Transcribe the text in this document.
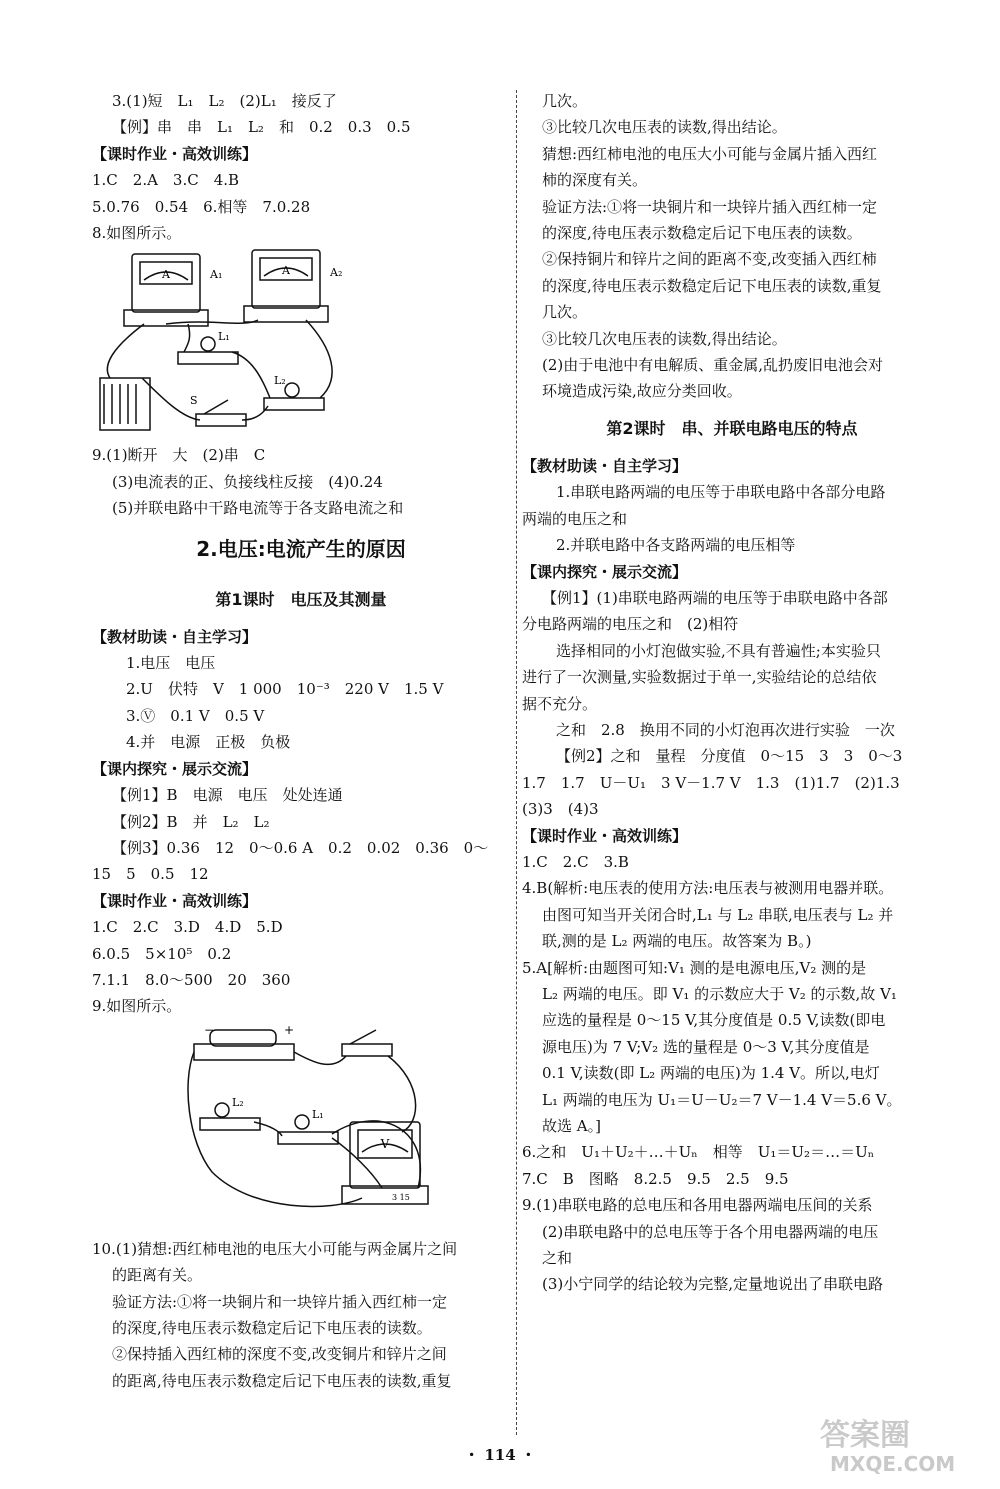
3.(1)短　L₁　L₂　(2)L₁　接反了
【例】串　串　L₁　L₂　和　0.2　0.3　0.5
【课时作业・高效训练】
1.C　2.A　3.C　4.B
5.0.76　0.54　6.相等　7.0.28
8.如图所示。
A	A₁	A	A₂
L₁
L₂
S
9.(1)断开　大　(2)串　C
(3)电流表的正、负接线柱反接　(4)0.24
(5)并联电路中干路电流等于各支路电流之和
2.电压:电流产生的原因
第1课时　电压及其测量
【教材助读・自主学习】
1.电压　电压
2.U　伏特　V　1 000　10⁻³　220 V　1.5 V
3.Ⓥ　0.1 V　0.5 V
4.并　电源　正极　负极
【课内探究・展示交流】
【例1】B　电源　电压　处处连通
【例2】B　并　L₂　L₂
【例3】0.36　12　0～0.6 A　0.2　0.02　0.36　0～
15　5　0.5　12
【课时作业・高效训练】
1.C　2.C　3.D　4.D　5.D
6.0.5　5×10⁵　0.2
7.1.1　8.0～500　20　360
9.如图所示。
−	+
L₂
L₁
V
3 15
10.(1)猜想:西红柿电池的电压大小可能与两金属片之间
的距离有关。
验证方法:①将一块铜片和一块锌片插入西红柿一定
的深度,待电压表示数稳定后记下电压表的读数。
②保持插入西红柿的深度不变,改变铜片和锌片之间
的距离,待电压表示数稳定后记下电压表的读数,重复
几次。
③比较几次电压表的读数,得出结论。
猜想:西红柿电池的电压大小可能与金属片插入西红
柿的深度有关。
验证方法:①将一块铜片和一块锌片插入西红柿一定
的深度,待电压表示数稳定后记下电压表的读数。
②保持铜片和锌片之间的距离不变,改变插入西红柿
的深度,待电压表示数稳定后记下电压表的读数,重复
几次。
③比较几次电压表的读数,得出结论。
(2)由于电池中有电解质、重金属,乱扔废旧电池会对
环境造成污染,故应分类回收。
第2课时　串、并联电路电压的特点
【教材助读・自主学习】
1.串联电路两端的电压等于串联电路中各部分电路
两端的电压之和
2.并联电路中各支路两端的电压相等
【课内探究・展示交流】
【例1】(1)串联电路两端的电压等于串联电路中各部
分电路两端的电压之和　(2)相符
选择相同的小灯泡做实验,不具有普遍性;本实验只
进行了一次测量,实验数据过于单一,实验结论的总结依
据不充分。
之和　2.8　换用不同的小灯泡再次进行实验　一次
【例2】之和　量程　分度值　0～15　3　3　0～3
1.7　1.7　U－U₁　3 V－1.7 V　1.3　(1)1.7　(2)1.3
(3)3　(4)3
【课时作业・高效训练】
1.C　2.C　3.B
4.B(解析:电压表的使用方法:电压表与被测用电器并联。
由图可知当开关闭合时,L₁ 与 L₂ 串联,电压表与 L₂ 并
联,测的是 L₂ 两端的电压。故答案为 B。)
5.A[解析:由题图可知:V₁ 测的是电源电压,V₂ 测的是
L₂ 两端的电压。即 V₁ 的示数应大于 V₂ 的示数,故 V₁
应选的量程是 0～15 V,其分度值是 0.5 V,读数(即电
源电压)为 7 V;V₂ 选的量程是 0～3 V,其分度值是
0.1 V,读数(即 L₂ 两端的电压)为 1.4 V。所以,电灯
L₁ 两端的电压为 U₁＝U－U₂＝7 V－1.4 V＝5.6 V。
故选 A。]
6.之和　U₁＋U₂＋…＋Uₙ　相等　U₁＝U₂＝…＝Uₙ
7.C　B　图略　8.2.5　9.5　2.5　9.5
9.(1)串联电路的总电压和各用电器两端电压间的关系
(2)串联电路中的总电压等于各个用电器两端的电压
之和
(3)小宁同学的结论较为完整,定量地说出了串联电路
・ 114 ・
答案圈
MXQE.COM
